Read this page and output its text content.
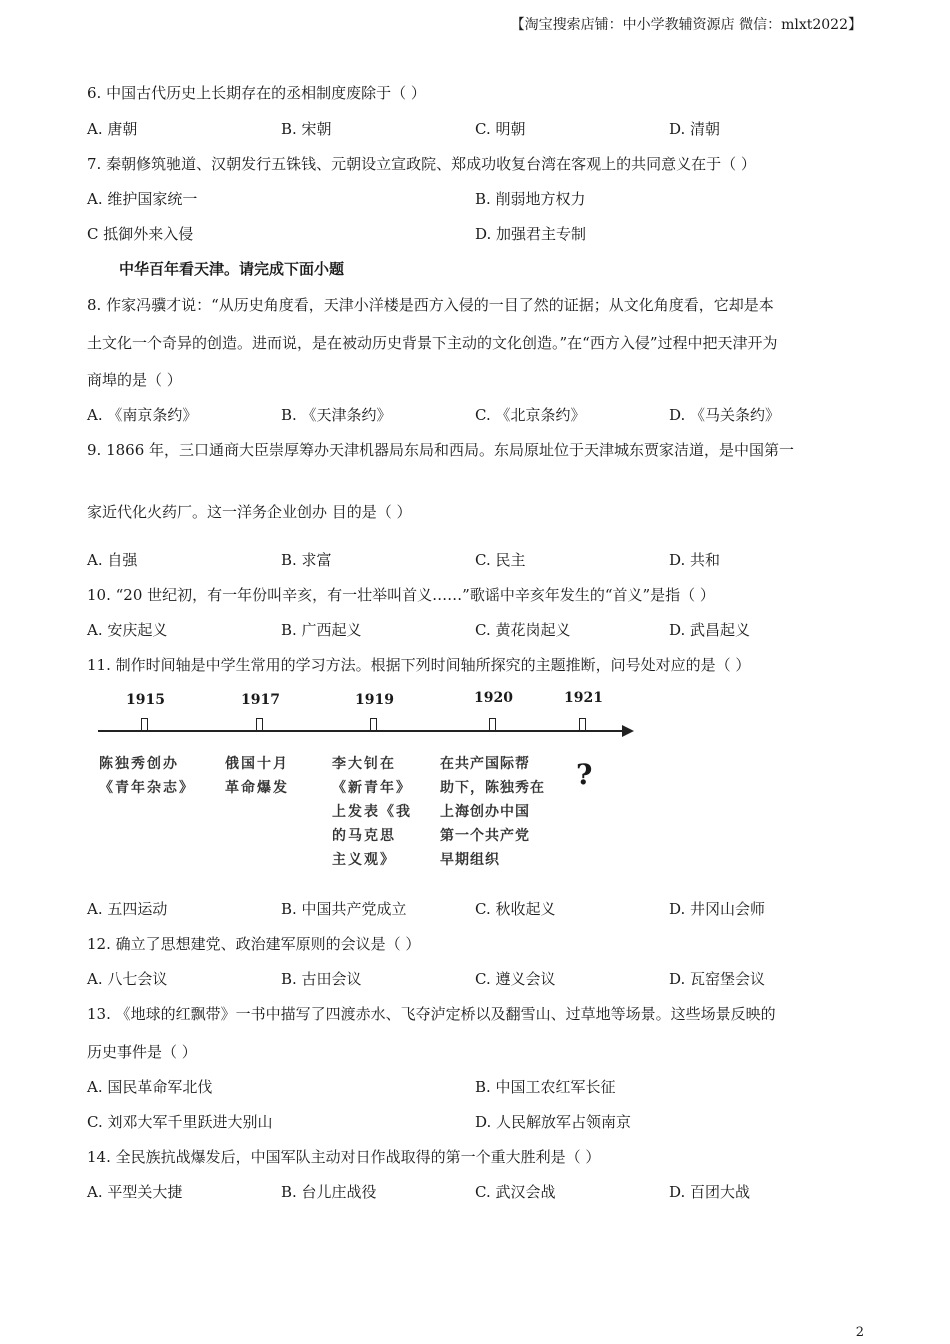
【淘宝搜索店铺：中小学教辅资源店 微信：mlxt2022】
6. 中国古代历史上长期存在的丞相制度废除于（ ）
A. 唐朝	B. 宋朝	C. 明朝	D. 清朝
7. 秦朝修筑驰道、汉朝发行五铢钱、元朝设立宣政院、郑成功收复台湾在客观上的共同意义在于（ ）
A. 维护国家统一	B. 削弱地方权力
C 抵御外来入侵	D. 加强君主专制
中华百年看天津。请完成下面小题
8. 作家冯骥才说：“从历史角度看，天津小洋楼是西方入侵的一目了然的证据；从文化角度看，它却是本
土文化一个奇异的创造。进而说，是在被动历史背景下主动的文化创造。”在“西方入侵”过程中把天津开为
商埠的是（ ）
A. 《南京条约》	B. 《天津条约》	C. 《北京条约》	D. 《马关条约》
9. 1866 年，三口通商大臣崇厚筹办天津机器局东局和西局。东局原址位于天津城东贾家洁道，是中国第一
家近代化火药厂。这一洋务企业创办 目的是（ ）
A. 自强	B. 求富	C. 民主	D. 共和
10. “20 世纪初，有一年份叫辛亥，有一壮举叫首义……”歌谣中辛亥年发生的“首义”是指（ ）
A. 安庆起义	B. 广西起义	C. 黄花岗起义	D. 武昌起义
11. 制作时间轴是中学生常用的学习方法。根据下列时间轴所探究的主题推断，问号处对应的是（ ）
1915	1917	1919	1920	1921
陈独秀创办
《青年杂志》
俄国十月
革命爆发
李大钊在
《新青年》
上发表《我
的马克思
主义观》
在共产国际帮
助下，陈独秀在
上海创办中国
第一个共产党
早期组织
?
A. 五四运动	B. 中国共产党成立	C. 秋收起义	D. 井冈山会师
12. 确立了思想建党、政治建军原则的会议是（ ）
A. 八七会议	B. 古田会议	C. 遵义会议	D. 瓦窑堡会议
13. 《地球的红飘带》一书中描写了四渡赤水、飞夺泸定桥以及翻雪山、过草地等场景。这些场景反映的
历史事件是（ ）
A. 国民革命军北伐	B. 中国工农红军长征
C. 刘邓大军千里跃进大别山	D. 人民解放军占领南京
14. 全民族抗战爆发后，中国军队主动对日作战取得的第一个重大胜利是（ ）
A. 平型关大捷	B. 台儿庄战役	C. 武汉会战	D. 百团大战
2
